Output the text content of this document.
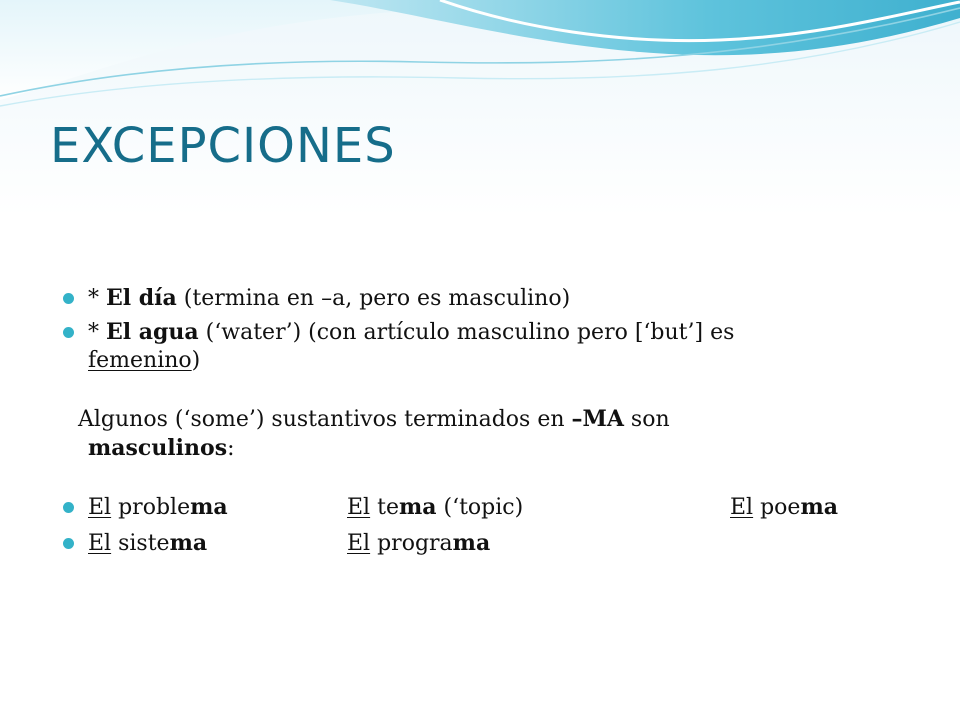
EXCEPCIONES
* El día (termina en –a, pero es masculino)
* El agua (‘water’) (con artículo masculino pero [‘but’] es
femenino)
Algunos (‘some’) sustantivos terminados en –MA son
masculinos:
El problema	El tema (‘topic)	El poema
El sistema	El programa
